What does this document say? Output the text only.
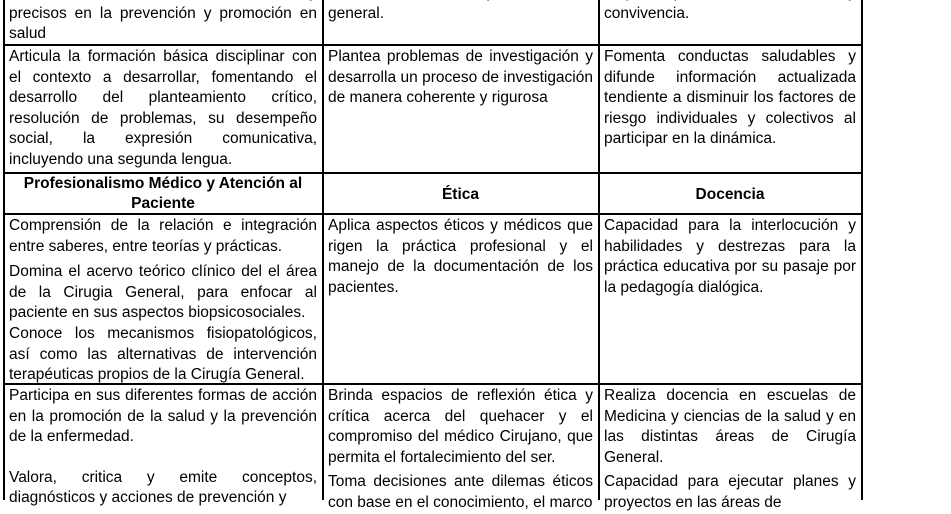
precisos en la prevención y promoción en salud

general.	convivencia.

Articula la formación básica disciplinar con el contexto a desarrollar, fomentando el desarrollo del planteamiento crítico, resolución de problemas, su desempeño social, la expresión comunicativa, incluyendo una segunda lengua.

Plantea problemas de investigación y desarrolla un proceso de investigación de manera coherente y rigurosa

Fomenta conductas saludables y difunde información actualizada tendiente a disminuir los factores de riesgo individuales y colectivos al participar en la dinámica.

Profesionalismo Médico y Atención al Paciente
Ética	Docencia

Comprensión de la relación e integración entre saberes, entre teorías y prácticas.

Domina el acervo teórico clínico del el área de la Cirugia General, para enfocar al paciente en sus aspectos biopsicosociales.

Conoce los mecanismos fisiopatológicos, así como las alternativas de intervención terapéuticas propios de la Cirugía General.

Aplica aspectos éticos y médicos que rigen la práctica profesional y el manejo de la documentación de los pacientes.

Capacidad para la interlocución y habilidades y destrezas para la práctica educativa por su pasaje por la pedagogía dialógica.

Participa en sus diferentes formas de acción en la promoción de la salud y la prevención de la enfermedad.

Valora, critica y emite conceptos, diagnósticos y acciones de prevención y

Brinda espacios de reflexión ética y crítica acerca del quehacer y el compromiso del médico Cirujano, que permita el fortalecimiento del ser.

Toma decisiones ante dilemas éticos con base en el conocimiento, el marco

Realiza docencia en escuelas de Medicina y ciencias de la salud y en las distintas áreas de Cirugía General.

Capacidad para ejecutar planes y proyectos en las áreas de
